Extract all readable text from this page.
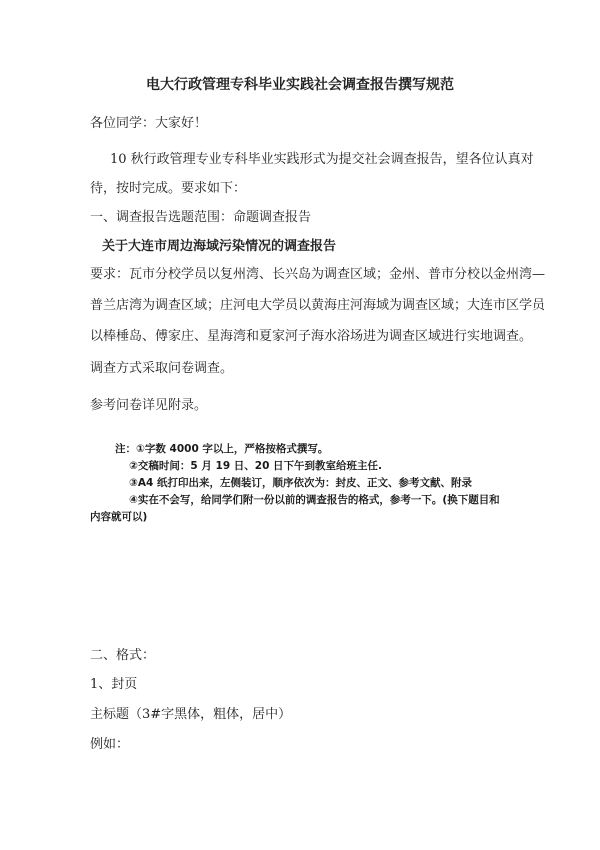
电大行政管理专科毕业实践社会调查报告撰写规范
各位同学：大家好！
10 秋行政管理专业专科毕业实践形式为提交社会调查报告，望各位认真对
待，按时完成。要求如下：
一、调查报告选题范围：命题调查报告
关于大连市周边海域污染情况的调查报告
要求：瓦市分校学员以复州湾、长兴岛为调查区域；金州、普市分校以金州湾—
普兰店湾为调查区域；庄河电大学员以黄海庄河海域为调查区域；大连市区学员
以棒棰岛、傅家庄、星海湾和夏家河子海水浴场进为调查区域进行实地调查。
调查方式采取问卷调查。
参考问卷详见附录。
注：①字数 4000 字以上，严格按格式撰写。
②交稿时间：5 月 19 日、20 日下午到教室给班主任.
③A4 纸打印出来，左侧装订，顺序依次为：封皮、正文、参考文献、附录
④实在不会写，给同学们附一份以前的调查报告的格式，参考一下。(换下题目和
内容就可以)
二、格式：
1、封页
主标题（3#字黑体，粗体，居中）
例如：
